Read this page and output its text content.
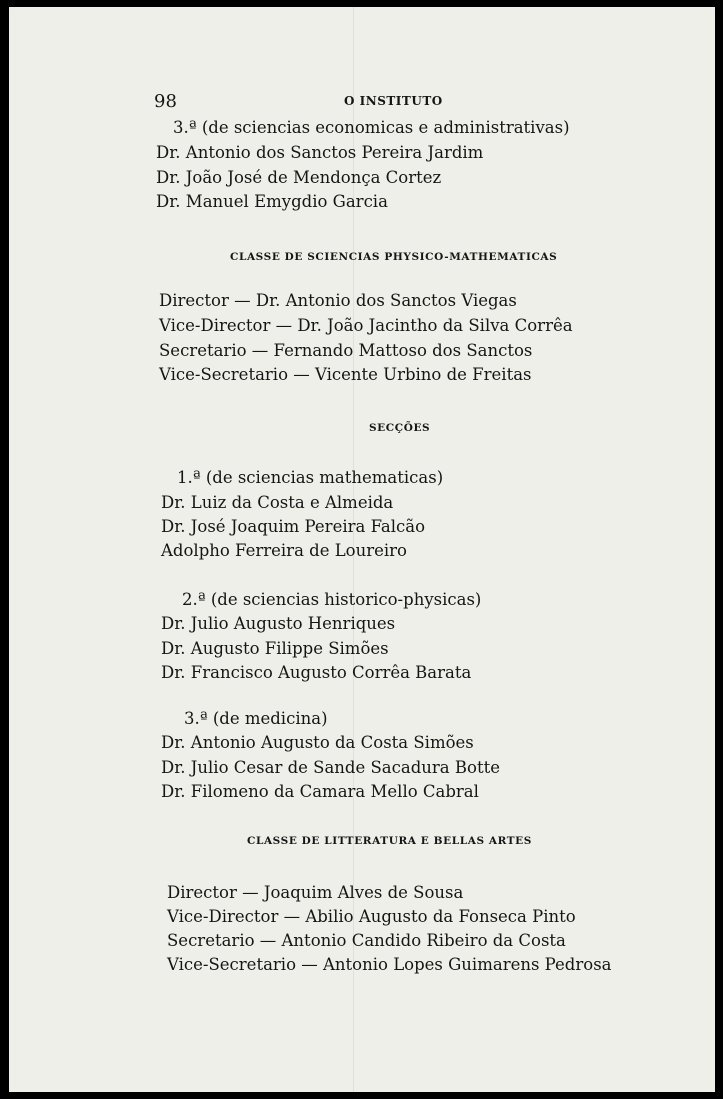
98	O INSTITUTO
3.ª (de sciencias economicas e administrativas)
Dr. Antonio dos Sanctos Pereira Jardim
Dr. João José de Mendonça Cortez
Dr. Manuel Emygdio Garcia
CLASSE DE SCIENCIAS PHYSICO-MATHEMATICAS
Director — Dr. Antonio dos Sanctos Viegas
Vice-Director — Dr. João Jacintho da Silva Corrêa
Secretario — Fernando Mattoso dos Sanctos
Vice-Secretario — Vicente Urbino de Freitas
SECÇÕES
1.ª (de sciencias mathematicas)
Dr. Luiz da Costa e Almeida
Dr. José Joaquim Pereira Falcão
Adolpho Ferreira de Loureiro
2.ª (de sciencias historico-physicas)
Dr. Julio Augusto Henriques
Dr. Augusto Filippe Simões
Dr. Francisco Augusto Corrêa Barata
3.ª (de medicina)
Dr. Antonio Augusto da Costa Simões
Dr. Julio Cesar de Sande Sacadura Botte
Dr. Filomeno da Camara Mello Cabral
CLASSE DE LITTERATURA E BELLAS ARTES
Director — Joaquim Alves de Sousa
Vice-Director — Abilio Augusto da Fonseca Pinto
Secretario — Antonio Candido Ribeiro da Costa
Vice-Secretario — Antonio Lopes Guimarens Pedrosa
